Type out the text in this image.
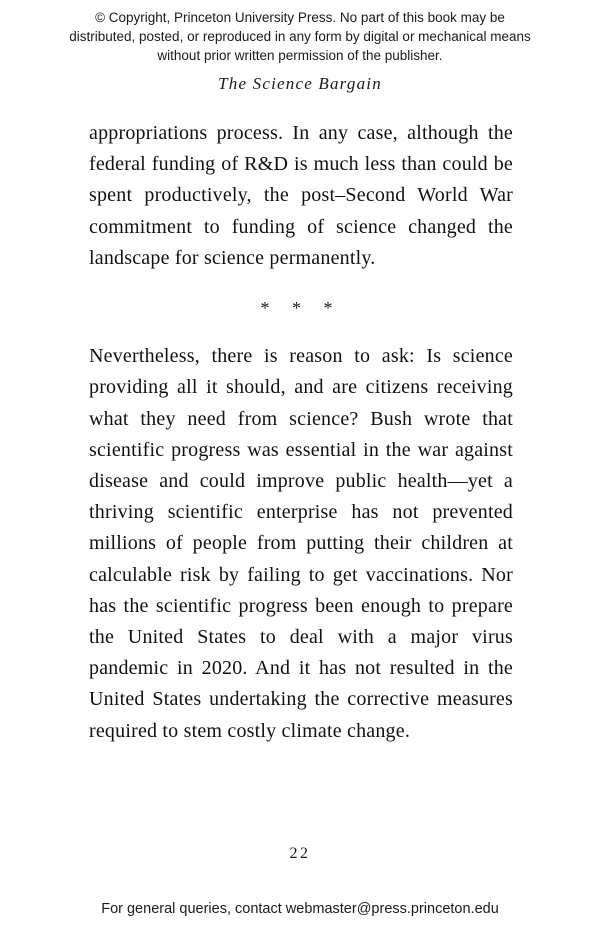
© Copyright, Princeton University Press. No part of this book may be distributed, posted, or reproduced in any form by digital or mechanical means without prior written permission of the publisher.
The Science Bargain

appropriations process. In any case, although the federal funding of R&D is much less than could be spent productively, the post–Second World War commitment to funding of science changed the landscape for science permanently.

* * *

Nevertheless, there is reason to ask: Is science providing all it should, and are citizens receiving what they need from science? Bush wrote that scientific progress was essential in the war against disease and could improve public health—yet a thriving scientific enterprise has not prevented millions of people from putting their children at calculable risk by failing to get vaccinations. Nor has the scientific progress been enough to prepare the United States to deal with a major virus pandemic in 2020. And it has not resulted in the United States undertaking the corrective measures required to stem costly climate change.

22
For general queries, contact webmaster@press.princeton.edu
